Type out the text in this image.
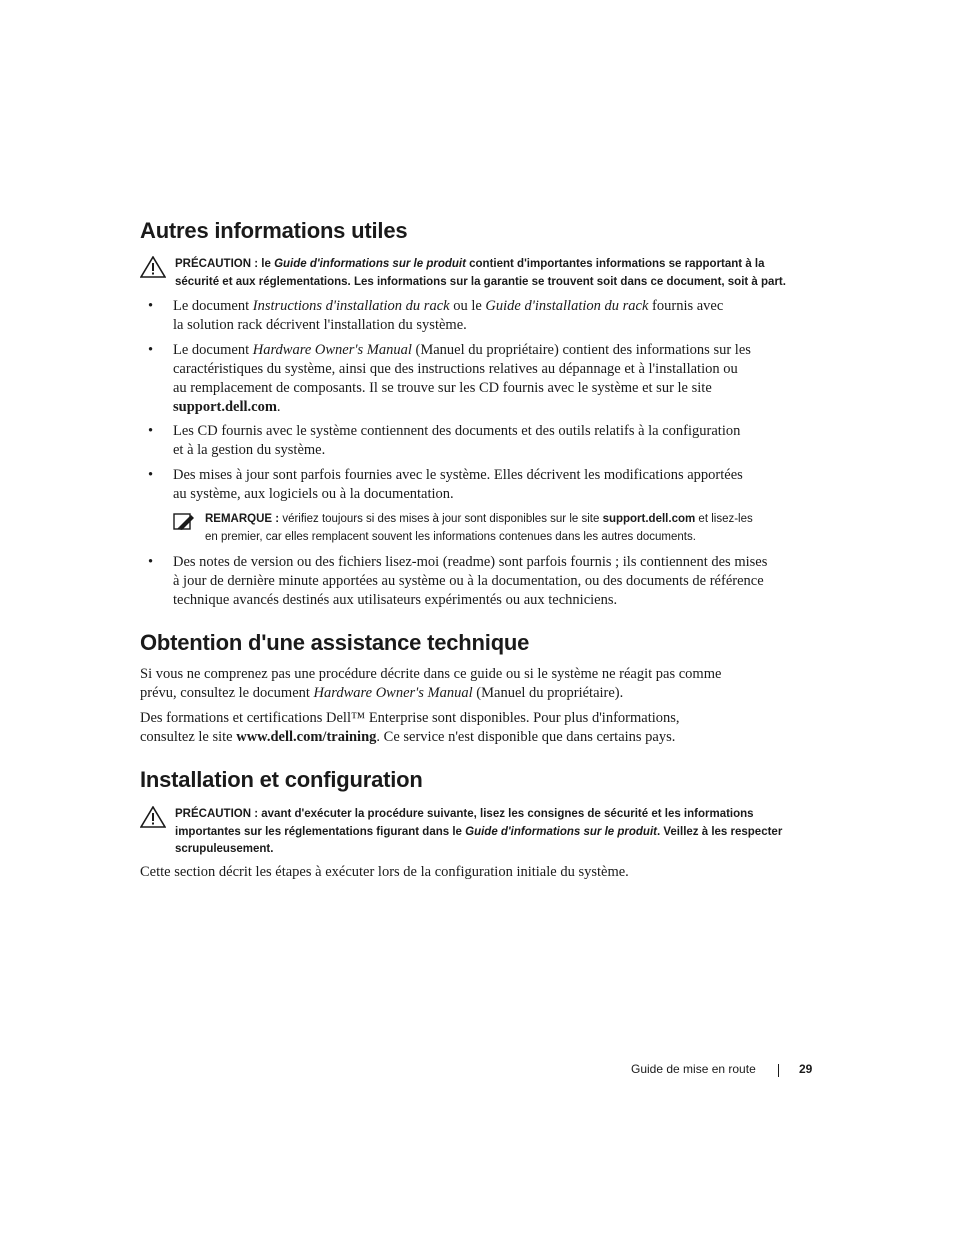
Autres informations utiles
PRÉCAUTION : le Guide d'informations sur le produit contient d'importantes informations se rapportant à la
sécurité et aux réglementations. Les informations sur la garantie se trouvent soit dans ce document, soit à part.
• Le document Instructions d'installation du rack ou le Guide d'installation du rack fournis avec
la solution rack décrivent l'installation du système.
• Le document Hardware Owner's Manual (Manuel du propriétaire) contient des informations sur les
caractéristiques du système, ainsi que des instructions relatives au dépannage et à l'installation ou
au remplacement de composants. Il se trouve sur les CD fournis avec le système et sur le site
support.dell.com.
• Les CD fournis avec le système contiennent des documents et des outils relatifs à la configuration
et à la gestion du système.
• Des mises à jour sont parfois fournies avec le système. Elles décrivent les modifications apportées
au système, aux logiciels ou à la documentation.
• Des notes de version ou des fichiers lisez-moi (readme) sont parfois fournis ; ils contiennent des mises
à jour de dernière minute apportées au système ou à la documentation, ou des documents de référence
technique avancés destinés aux utilisateurs expérimentés ou aux techniciens.
REMARQUE : vérifiez toujours si des mises à jour sont disponibles sur le site support.dell.com et lisez-les
en premier, car elles remplacent souvent les informations contenues dans les autres documents.
Obtention d'une assistance technique

Si vous ne comprenez pas une procédure décrite dans ce guide ou si le système ne réagit pas comme
prévu, consultez le document Hardware Owner's Manual (Manuel du propriétaire).

Des formations et certifications Dell™ Enterprise sont disponibles. Pour plus d'informations,
consultez le site www.dell.com/training. Ce service n'est disponible que dans certains pays.

Installation et configuration
PRÉCAUTION : avant d'exécuter la procédure suivante, lisez les consignes de sécurité et les informations
importantes sur les réglementations figurant dans le Guide d'informations sur le produit. Veillez à les respecter
scrupuleusement.

Cette section décrit les étapes à exécuter lors de la configuration initiale du système.

Guide de mise en route	29
